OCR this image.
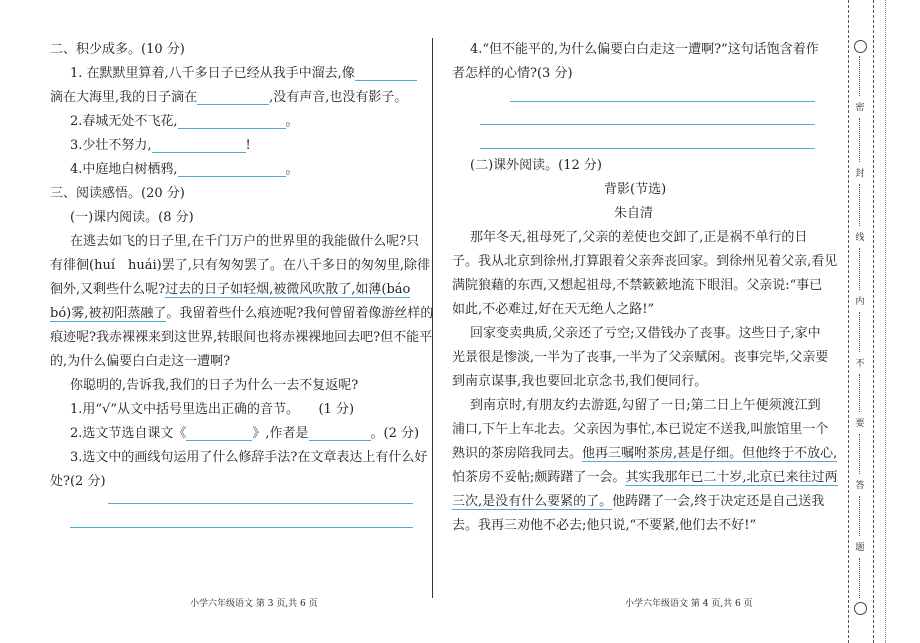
二、积少成多。(10 分)
1. 在默默里算着,八千多日子已经从我手中溜去,像
滴在大海里,我的日子滴在	,没有声音,也没有影子。
2.春城无处不飞花,	。
3.少壮不努力,	!
4.中庭地白树栖鸦,	。
三、阅读感悟。(20 分)
(一)课内阅读。(8 分)
在逃去如飞的日子里,在千门万户的世界里的我能做什么呢?只
有徘徊(huí　huái)罢了,只有匆匆罢了。在八千多日的匆匆里,除徘
徊外,又剩些什么呢?过去的日子如轻烟,被微风吹散了,如薄(báo
bó)雾,被初阳蒸融了。我留着些什么痕迹呢?我何曾留着像游丝样的
痕迹呢?我赤裸裸来到这世界,转眼间也将赤裸裸地回去吧?但不能平
的,为什么偏要白白走这一遭啊?
你聪明的,告诉我,我们的日子为什么一去不复返呢?
1.用“√”从文中括号里选出正确的音节。　　(1 分)
2.选文节选自课文《	》,作者是	。(2 分)
3.选文中的画线句运用了什么修辞手法?在文章表达上有什么好
处?(2 分)
小学六年级语文 第 3 页,共 6 页
4.“但不能平的,为什么偏要白白走这一遭啊?”这句话饱含着作
者怎样的心情?(3 分)
(二)课外阅读。(12 分)
背影(节选)
朱自清
那年冬天,祖母死了,父亲的差使也交卸了,正是祸不单行的日
子。我从北京到徐州,打算跟着父亲奔丧回家。到徐州见着父亲,看见
满院狼藉的东西,又想起祖母,不禁簌簌地流下眼泪。父亲说:“事已
如此,不必难过,好在天无绝人之路!”
回家变卖典质,父亲还了亏空;又借钱办了丧事。这些日子,家中
光景很是惨淡,一半为了丧事,一半为了父亲赋闲。丧事完毕,父亲要
到南京谋事,我也要回北京念书,我们便同行。
到南京时,有朋友约去游逛,勾留了一日;第二日上午便须渡江到
浦口,下午上车北去。父亲因为事忙,本已说定不送我,叫旅馆里一个
熟识的茶房陪我同去。他再三嘱咐茶房,甚是仔细。但他终于不放心,
怕茶房不妥帖;颇踌躇了一会。其实我那年已二十岁,北京已来往过两
三次,是没有什么要紧的了。他踌躇了一会,终于决定还是自己送我
去。我再三劝他不必去;他只说,“不要紧,他们去不好!”
小学六年级语文 第 4 页,共 6 页
密
封
线
内
不
要
答
题
